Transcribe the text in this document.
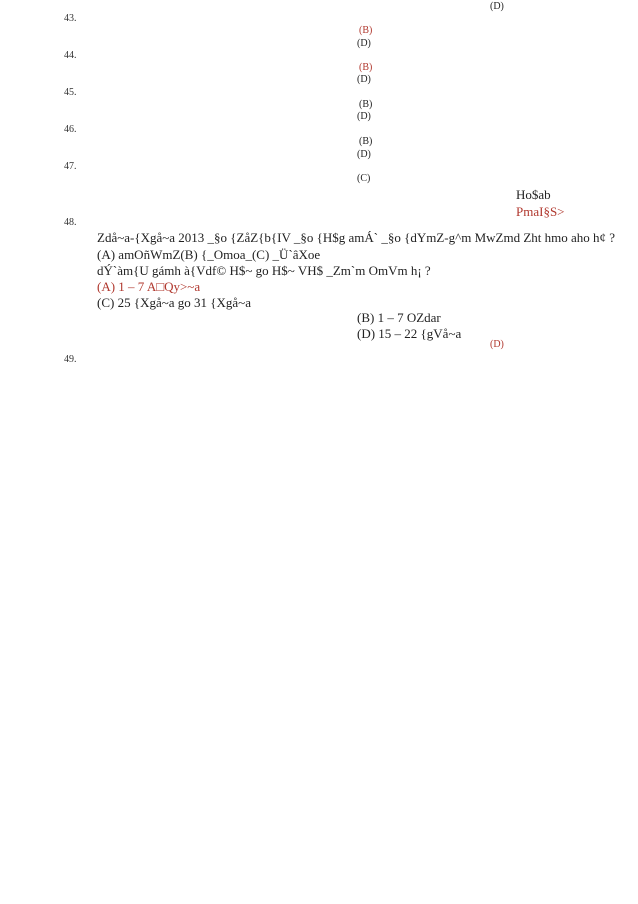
(D)
43.
(B)
(D)
44.
(B)
(D)
45.
(B)
(D)
46.
(B)
(D)
47.
(C)
Ho$ab
PmaI§S>
48.
Zdå~a-{Xgå~a 2013 _§o {ZåZ{b{IV _§o {H$g amÁ` _§o {dYmZ-g^m MwZmd Zht hmo aho h¢ ?
(A) amOñWmZ(B) {_Omoa_(C) _Ü`âXoe
dÝ`àm{U gámh à{Vdf© H$~ go H$~ VH$ _Zm`m OmVm h¡ ?
(A) 1 – 7 A□Qy>~a
(C) 25 {Xgå~a go 31 {Xgå~a
(B) 1 – 7 OZdar
(D) 15 – 22 {gVå~a
(D)
49.
